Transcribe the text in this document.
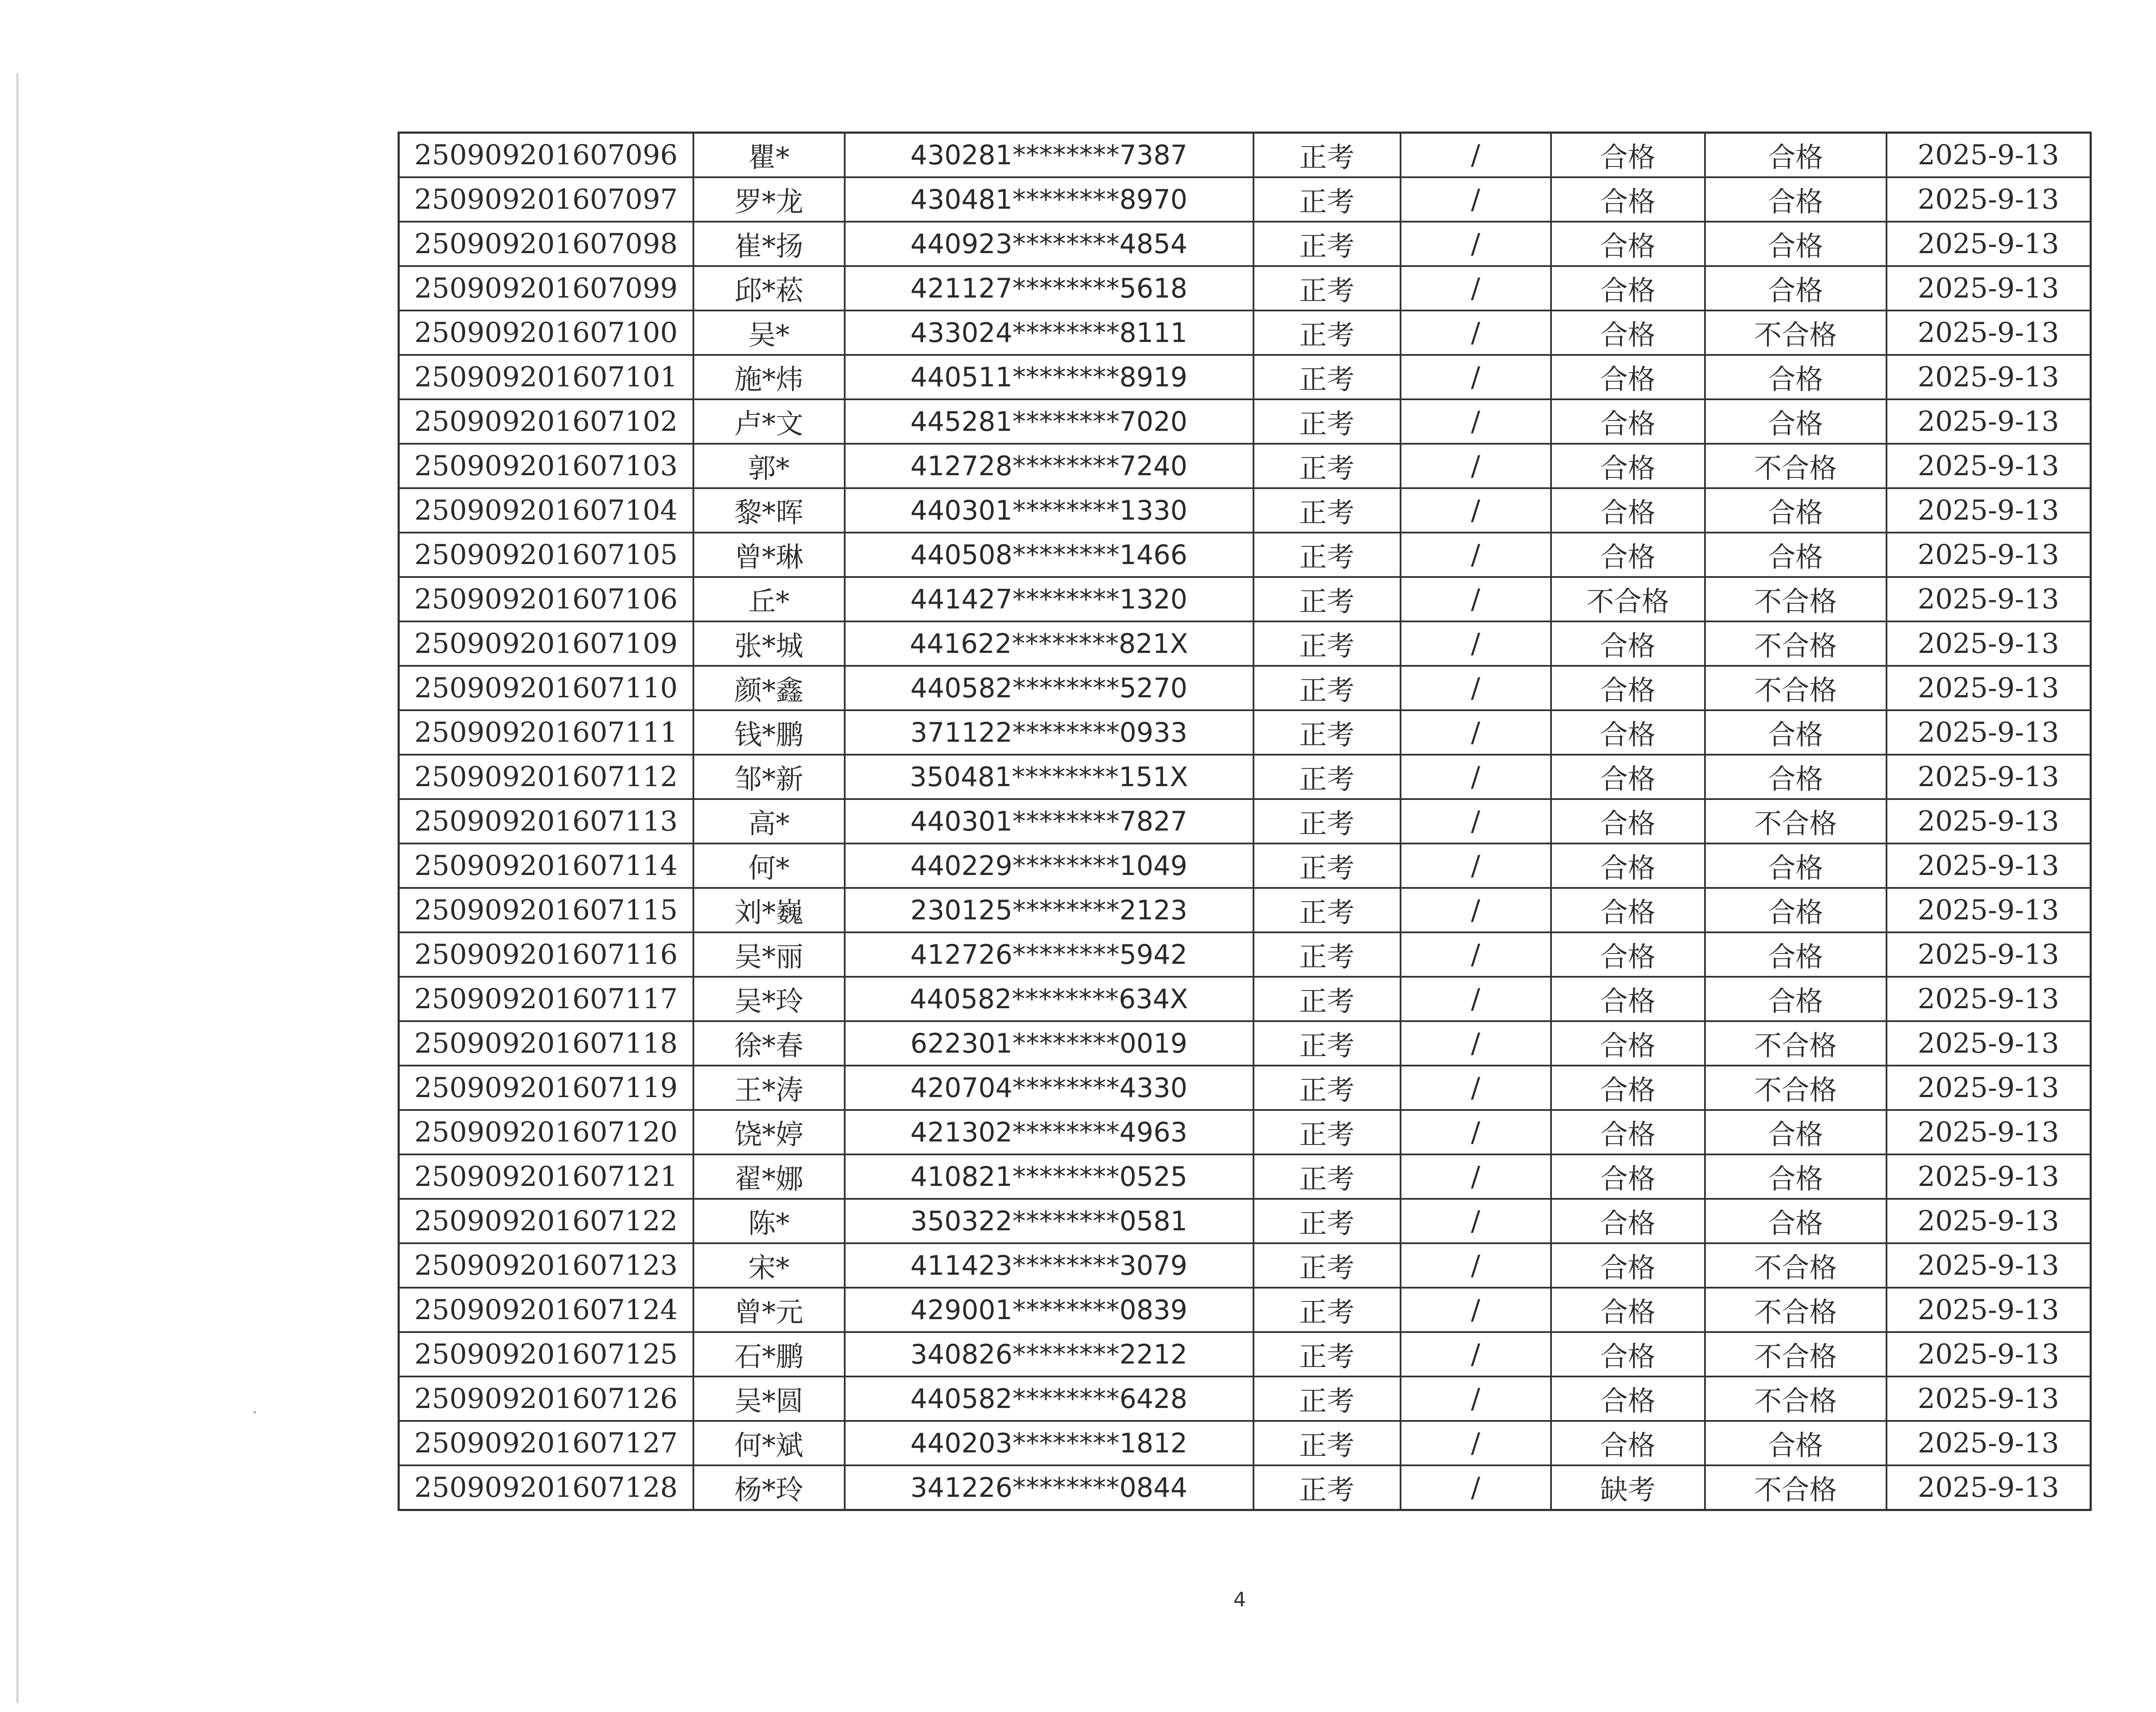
250909201607096	瞿*	430281********7387	正考	/	合格	合格	2025-9-13
250909201607097	罗*龙	430481********8970	正考	/	合格	合格	2025-9-13
250909201607098	崔*扬	440923********4854	正考	/	合格	合格	2025-9-13
250909201607099	邱*菘	421127********5618	正考	/	合格	合格	2025-9-13
250909201607100	吴*	433024********8111	正考	/	合格	不合格	2025-9-13
250909201607101	施*炜	440511********8919	正考	/	合格	合格	2025-9-13
250909201607102	卢*文	445281********7020	正考	/	合格	合格	2025-9-13
250909201607103	郭*	412728********7240	正考	/	合格	不合格	2025-9-13
250909201607104	黎*晖	440301********1330	正考	/	合格	合格	2025-9-13
250909201607105	曾*琳	440508********1466	正考	/	合格	合格	2025-9-13
250909201607106	丘*	441427********1320	正考	/	不合格	不合格	2025-9-13
250909201607109	张*城	441622********821X	正考	/	合格	不合格	2025-9-13
250909201607110	颜*鑫	440582********5270	正考	/	合格	不合格	2025-9-13
250909201607111	钱*鹏	371122********0933	正考	/	合格	合格	2025-9-13
250909201607112	邹*新	350481********151X	正考	/	合格	合格	2025-9-13
250909201607113	高*	440301********7827	正考	/	合格	不合格	2025-9-13
250909201607114	何*	440229********1049	正考	/	合格	合格	2025-9-13
250909201607115	刘*巍	230125********2123	正考	/	合格	合格	2025-9-13
250909201607116	吴*丽	412726********5942	正考	/	合格	合格	2025-9-13
250909201607117	吴*玲	440582********634X	正考	/	合格	合格	2025-9-13
250909201607118	徐*春	622301********0019	正考	/	合格	不合格	2025-9-13
250909201607119	王*涛	420704********4330	正考	/	合格	不合格	2025-9-13
250909201607120	饶*婷	421302********4963	正考	/	合格	合格	2025-9-13
250909201607121	翟*娜	410821********0525	正考	/	合格	合格	2025-9-13
250909201607122	陈*	350322********0581	正考	/	合格	合格	2025-9-13
250909201607123	宋*	411423********3079	正考	/	合格	不合格	2025-9-13
250909201607124	曾*元	429001********0839	正考	/	合格	不合格	2025-9-13
250909201607125	石*鹏	340826********2212	正考	/	合格	不合格	2025-9-13
250909201607126	吴*圆	440582********6428	正考	/	合格	不合格	2025-9-13
250909201607127	何*斌	440203********1812	正考	/	合格	合格	2025-9-13
250909201607128	杨*玲	341226********0844	正考	/	缺考	不合格	2025-9-13
4
